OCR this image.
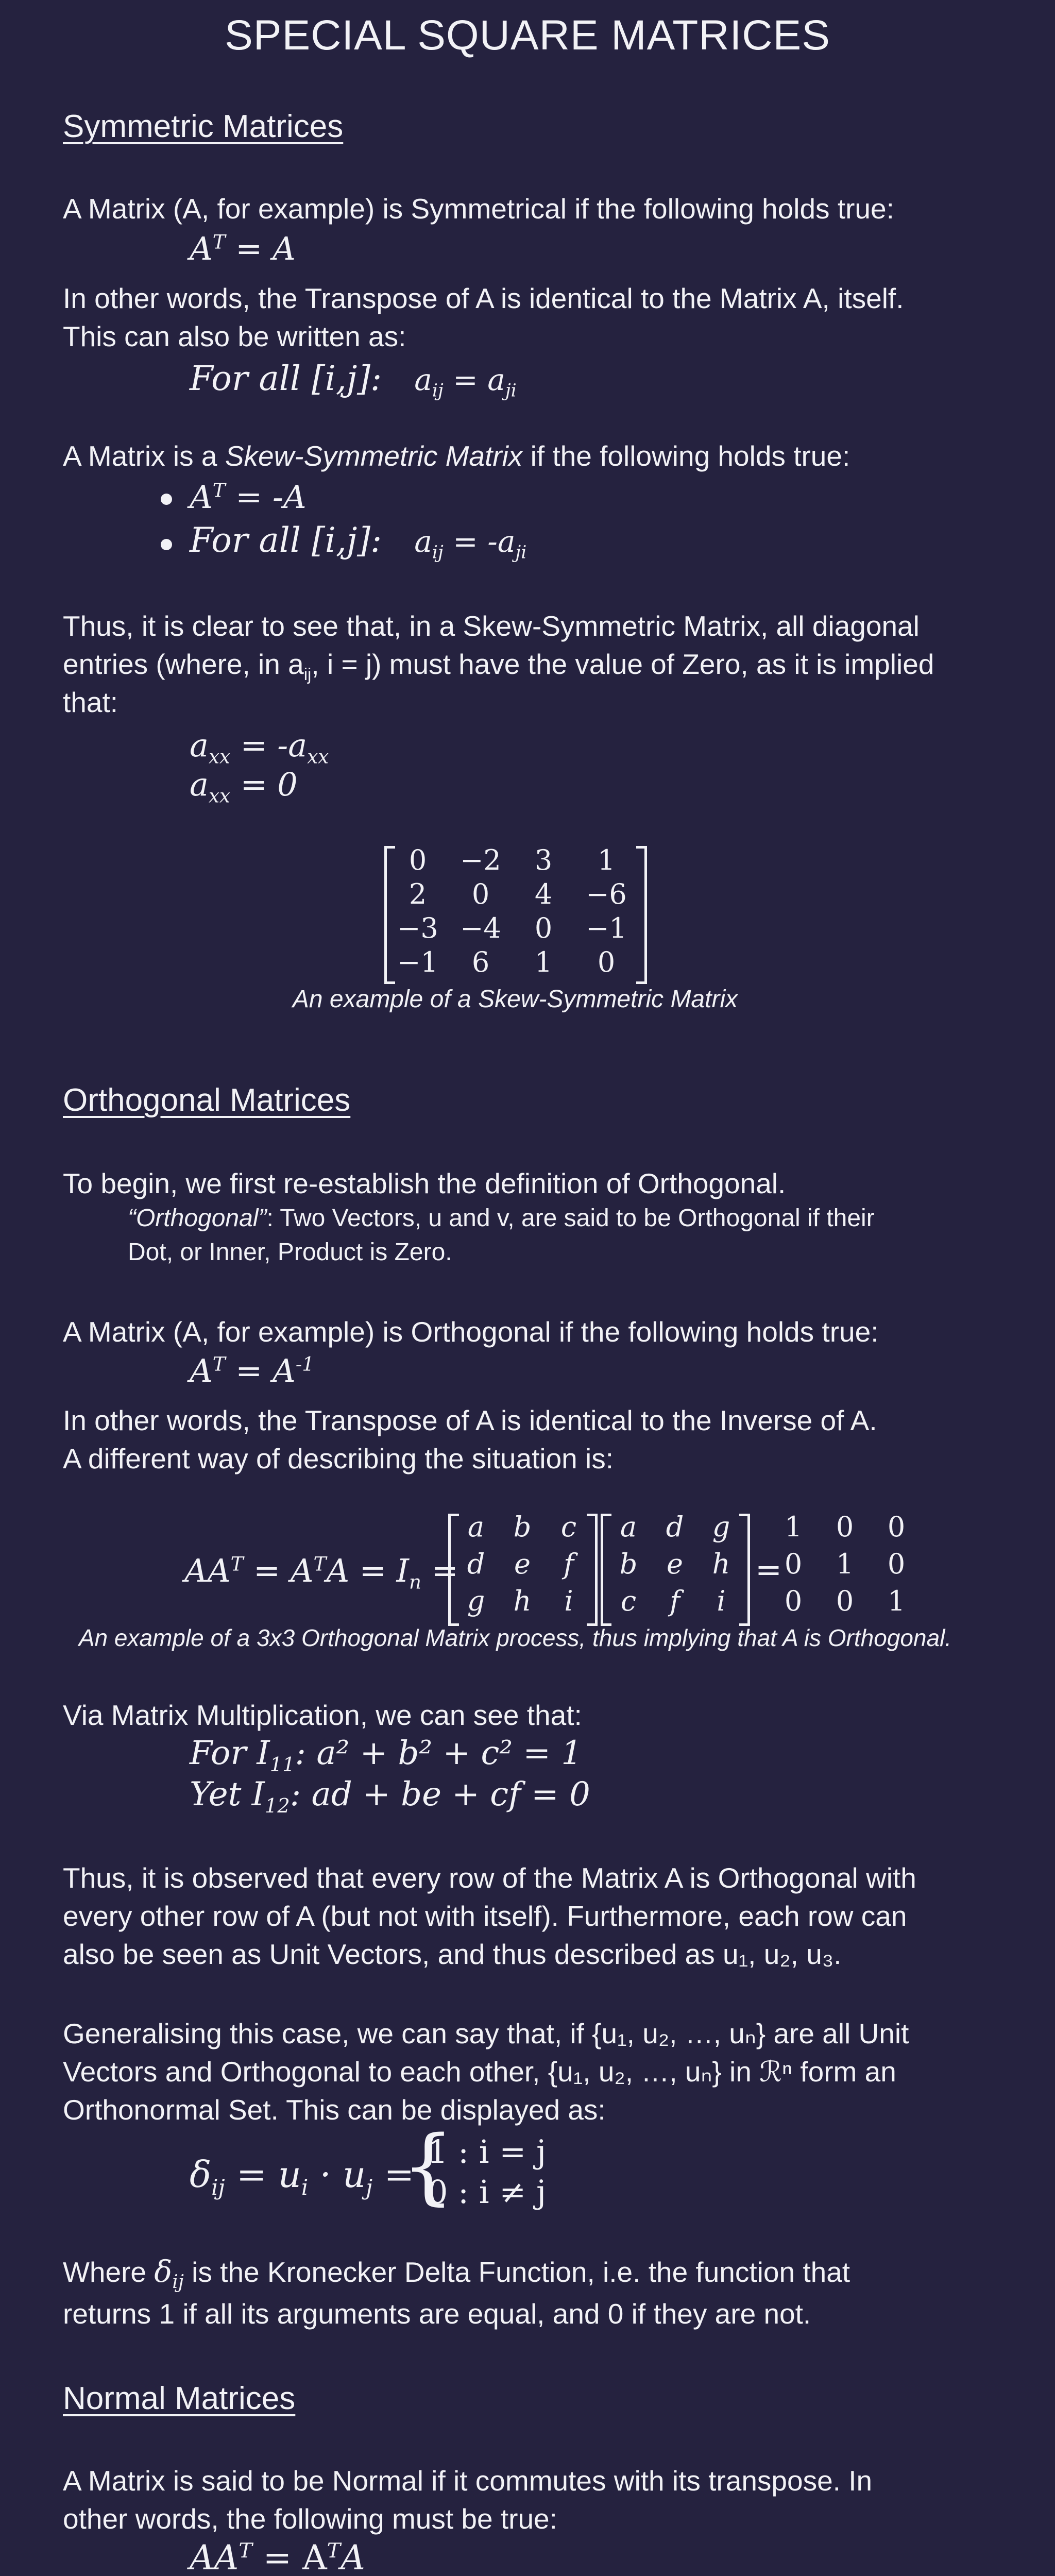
SPECIAL SQUARE MATRICES
Symmetric Matrices
A Matrix (A, for example) is Symmetrical if the following holds true:
$A^T = A$
In other words, the Transpose of A is identical to the Matrix A, itself.
This can also be written as:
For all [i,j]: $a_{ij} = a_{ji}$
A Matrix is a Skew-Symmetric Matrix if the following holds true:
$A^T = -A$
For all [i,j]: $a_{ij} = -a_{ji}$
Thus, it is clear to see that, in a Skew-Symmetric Matrix, all diagonal
entries (where, in $a_{ij}$, i = j) must have the value of Zero, as it is implied
that:
$a_{xx} = -a_{xx}$
$a_{xx} = 0$
0	−2	3	1
2	0	4	−6
−3 −4	0	−1
−1	6	1	0
An example of a Skew-Symmetric Matrix
Orthogonal Matrices
To begin, we first re-establish the definition of Orthogonal.
“Orthogonal”: Two Vectors, u and v, are said to be Orthogonal if their
Dot, or Inner, Product is Zero.
A Matrix (A, for example) is Orthogonal if the following holds true:
$A^T = A^{-1}$
In other words, the Transpose of A is identical to the Inverse of A.
A different way of describing the situation is:
$AA^T = A^TA = I_n$ =
a	b	c
d	e	f
g	h	i
a	d	g
b	e	h
c	f	i
=
1	0	0
0	1	0
0	0	1
An example of a 3x3 Orthogonal Matrix process, thus implying that A is Orthogonal.
Via Matrix Multiplication, we can see that:
For $I_{11}$: a² + b² + c² = 1
Yet $I_{12}$: ad + be + cf = 0
Thus, it is observed that every row of the Matrix A is Orthogonal with
every other row of A (but not with itself). Furthermore, each row can
also be seen as Unit Vectors, and thus described as u₁, u₂, u₃.
Generalising this case, we can say that, if {u₁, u₂, …, uₙ} are all Unit
Vectors and Orthogonal to each other, {u₁, u₂, …, uₙ} in ℛⁿ form an
Orthonormal Set. This can be displayed as:
$\delta_{ij} = u_i \cdot u_j$ =
{
1 : i = j
0 : i ≠ j
Where $\delta_{ij}$ is the Kronecker Delta Function, i.e. the function that
returns 1 if all its arguments are equal, and 0 if they are not.
Normal Matrices
A Matrix is said to be Normal if it commutes with its transpose. In
other words, the following must be true:
$AA^T = A^TA$
